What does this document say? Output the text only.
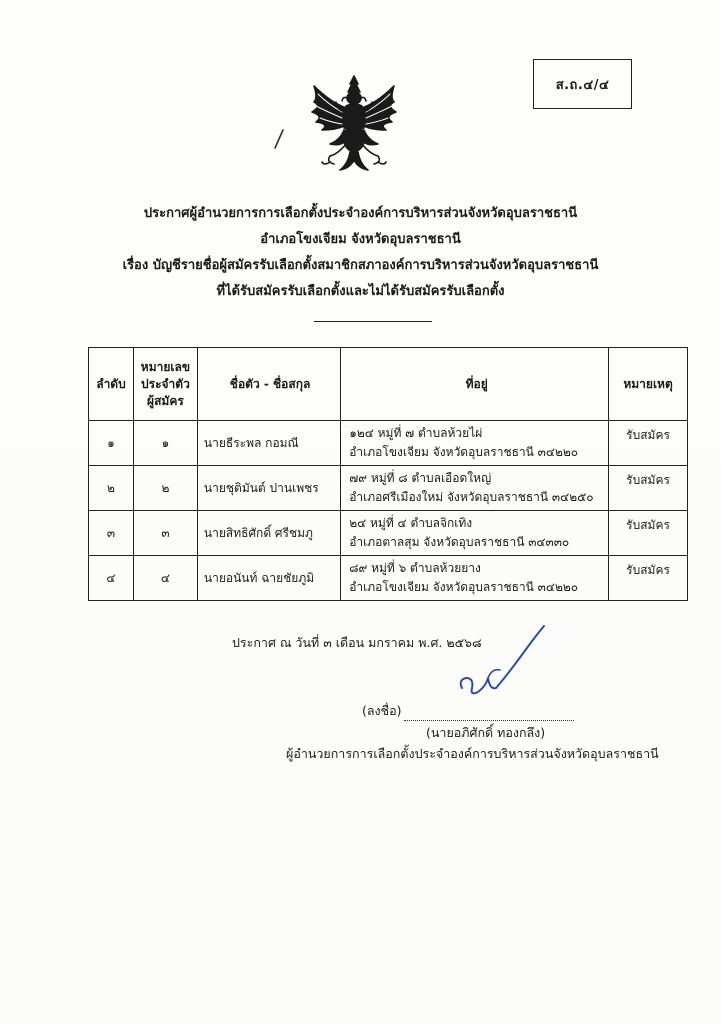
ส.ถ.๔/๔
ประกาศผู้อำนวยการการเลือกตั้งประจำองค์การบริหารส่วนจังหวัดอุบลราชธานี
อำเภอโขงเจียม จังหวัดอุบลราชธานี
เรื่อง บัญชีรายชื่อผู้สมัครรับเลือกตั้งสมาชิกสภาองค์การบริหารส่วนจังหวัดอุบลราชธานี
ที่ได้รับสมัครรับเลือกตั้งและไม่ได้รับสมัครรับเลือกตั้ง
ลำดับ	หมายเลข
ประจำตัว
ผู้สมัคร	ชื่อตัว - ชื่อสกุล	ที่อยู่	หมายเหตุ
๑	๑	นายธีระพล กอมณี	๑๒๔ หมู่ที่ ๗ ตำบลห้วยไผ่
อำเภอโขงเจียม จังหวัดอุบลราชธานี ๓๔๒๒๐	รับสมัคร
๒	๒	นายชุติมันต์ ปานเพชร	๗๙ หมู่ที่ ๘ ตำบลเอือดใหญ่
อำเภอศรีเมืองใหม่ จังหวัดอุบลราชธานี ๓๔๒๕๐	รับสมัคร
๓	๓	นายสิทธิศักดิ์ ศรีชมภู	๒๔ หมู่ที่ ๔ ตำบลจิกเทิง
อำเภอตาลสุม จังหวัดอุบลราชธานี ๓๔๓๓๐	รับสมัคร
๔	๔	นายอนันท์ ฉายชัยภูมิ	๘๙ หมู่ที่ ๖ ตำบลห้วยยาง
อำเภอโขงเจียม จังหวัดอุบลราชธานี ๓๔๒๒๐	รับสมัคร
ประกาศ ณ วันที่ ๓ เดือน มกราคม พ.ศ. ๒๕๖๘
(ลงชื่อ)
(นายอภิศักดิ์ ทองกลึง)
ผู้อำนวยการการเลือกตั้งประจำองค์การบริหารส่วนจังหวัดอุบลราชธานี
